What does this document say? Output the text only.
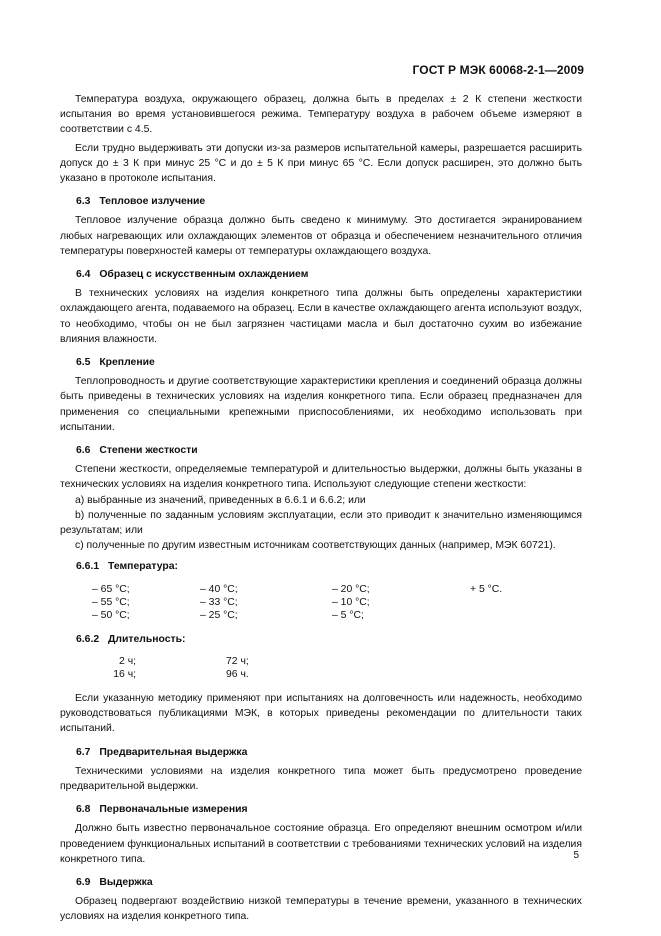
ГОСТ Р МЭК 60068-2-1—2009

Температура воздуха, окружающего образец, должна быть в пределах ± 2 К степени жесткости испытания во время установившегося режима. Температуру воздуха в рабочем объеме измеряют в соответствии с 4.5.

Если трудно выдерживать эти допуски из-за размеров испытательной камеры, разрешается расширить допуск до ± 3 К при минус 25 °С и до ± 5 К при минус 65 °С. Если допуск расширен, это должно быть указано в протоколе испытания.

6.3 Тепловое излучение

Тепловое излучение образца должно быть сведено к минимуму. Это достигается экранированием любых нагревающих или охлаждающих элементов от образца и обеспечением незначительного отличия температуры поверхностей камеры от температуры охлаждающего воздуха.

6.4 Образец с искусственным охлаждением

В технических условиях на изделия конкретного типа должны быть определены характеристики охлаждающего агента, подаваемого на образец. Если в качестве охлаждающего агента используют воздух, то необходимо, чтобы он не был загрязнен частицами масла и был достаточно сухим во избежание влияния влажности.

6.5 Крепление

Теплопроводность и другие соответствующие характеристики крепления и соединений образца должны быть приведены в технических условиях на изделия конкретного типа. Если образец предназначен для применения со специальными крепежными приспособлениями, их необходимо использовать при испытании.

6.6 Степени жесткости

Степени жесткости, определяемые температурой и длительностью выдержки, должны быть указаны в технических условиях на изделия конкретного типа. Используют следующие степени жесткости:

a) выбранные из значений, приведенных в 6.6.1 и 6.6.2; или

b) полученные по заданным условиям эксплуатации, если это приводит к значительно изменяющимся результатам; или

c) полученные по другим известным источникам соответствующих данных (например, МЭК 60721).

6.6.1 Температура:
– 65 °С;	– 40 °С;	– 20 °С;	+ 5 °С.
– 55 °С;	– 33 °С;	– 10 °С;
– 50 °С;	– 25 °С;	– 5 °С;
6.6.2 Длительность:
2 ч;	72 ч;
16 ч;	96 ч.

Если указанную методику применяют при испытаниях на долговечность или надежность, необходимо руководствоваться публикациями МЭК, в которых приведены рекомендации по длительности таких испытаний.

6.7 Предварительная выдержка

Техническими условиями на изделия конкретного типа может быть предусмотрено проведение предварительной выдержки.

6.8 Первоначальные измерения

Должно быть известно первоначальное состояние образца. Его определяют внешним осмотром и/или проведением функциональных испытаний в соответствии с требованиями технических условий на изделия конкретного типа.

6.9 Выдержка

Образец подвергают воздействию низкой температуры в течение времени, указанного в технических условиях на изделия конкретного типа.

5
